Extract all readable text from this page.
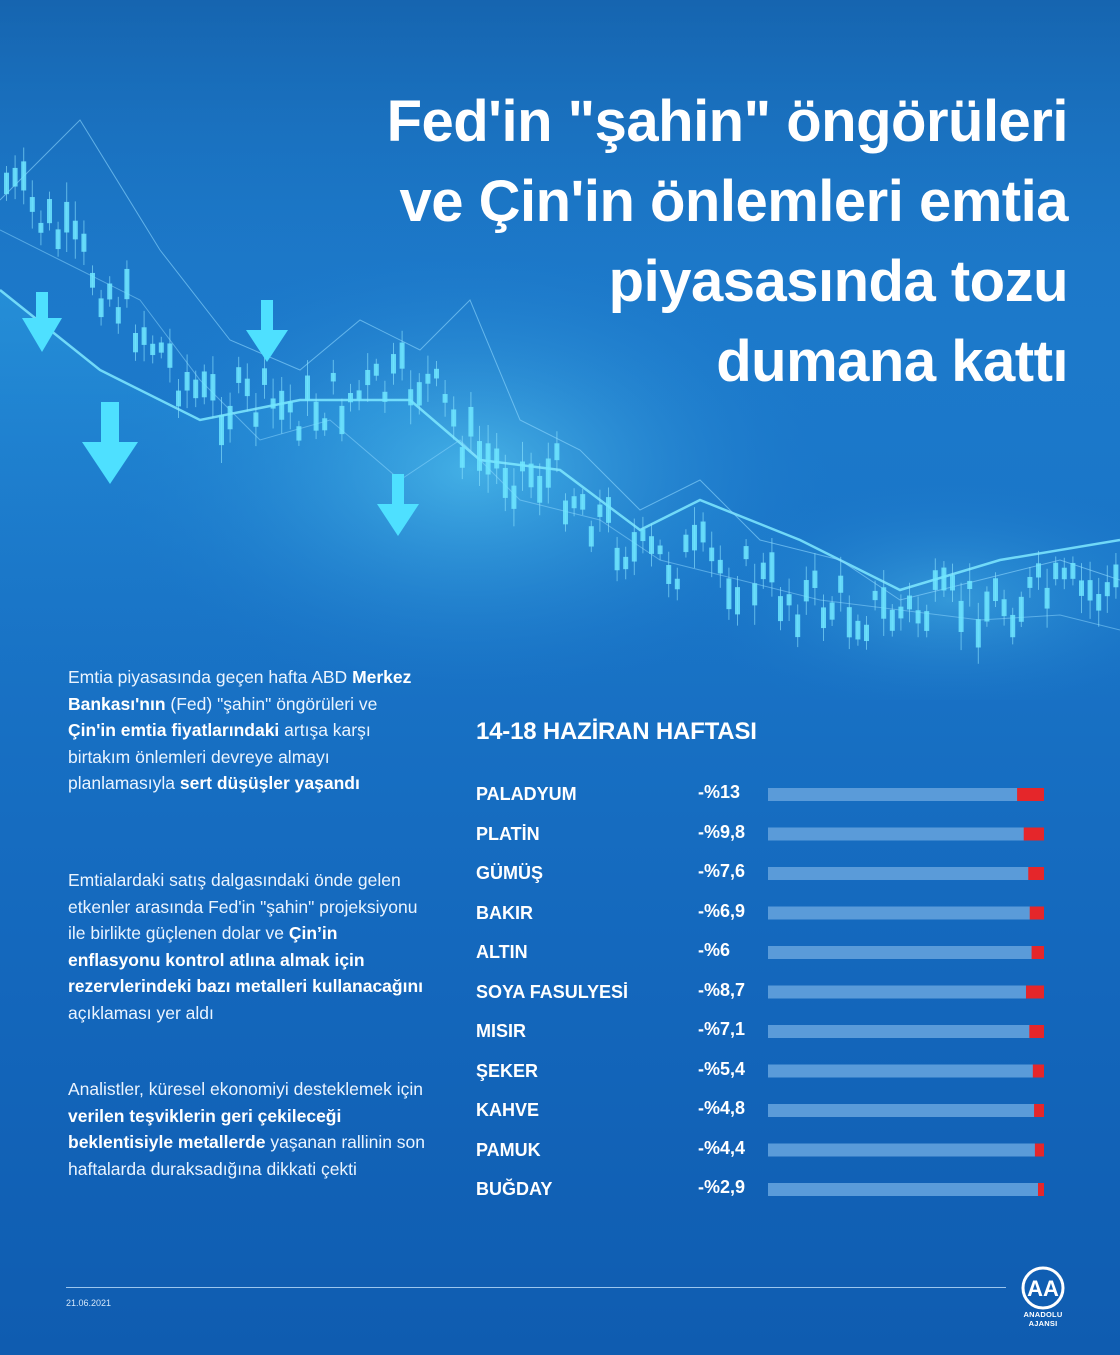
Fed'in "şahin" öngörüleri
ve Çin'in önlemleri emtia
piyasasında tozu
dumana kattı
Emtia piyasasında geçen hafta ABD Merkez Bankası'nın (Fed) "şahin" öngörüleri ve Çin'in emtia fiyatlarındaki artışa karşı birtakım önlemleri devreye almayı planlamasıyla sert düşüşler yaşandı
Emtialardaki satış dalgasındaki önde gelen etkenler arasında Fed'in "şahin" projeksiyonu ile birlikte güçlenen dolar ve Çin’in enflasyonu kontrol atlına almak için rezervlerindeki bazı metalleri kullanacağını açıklaması yer aldı
Analistler, küresel ekonomiyi desteklemek için verilen teşviklerin geri çekileceği beklentisiyle metallerde yaşanan rallinin son haftalarda duraksadığına dikkati çekti
14-18 HAZİRAN HAFTASI
PALADYUM	-%13
PLATİN	-%9,8
GÜMÜŞ	-%7,6
BAKIR	-%6,9
ALTIN	-%6
SOYA FASULYESİ	-%8,7
MISIR	-%7,1
ŞEKER	-%5,4
KAHVE	-%4,8
PAMUK	-%4,4
BUĞDAY	-%2,9
21.06.2021
AA
ANADOLU AJANSI
